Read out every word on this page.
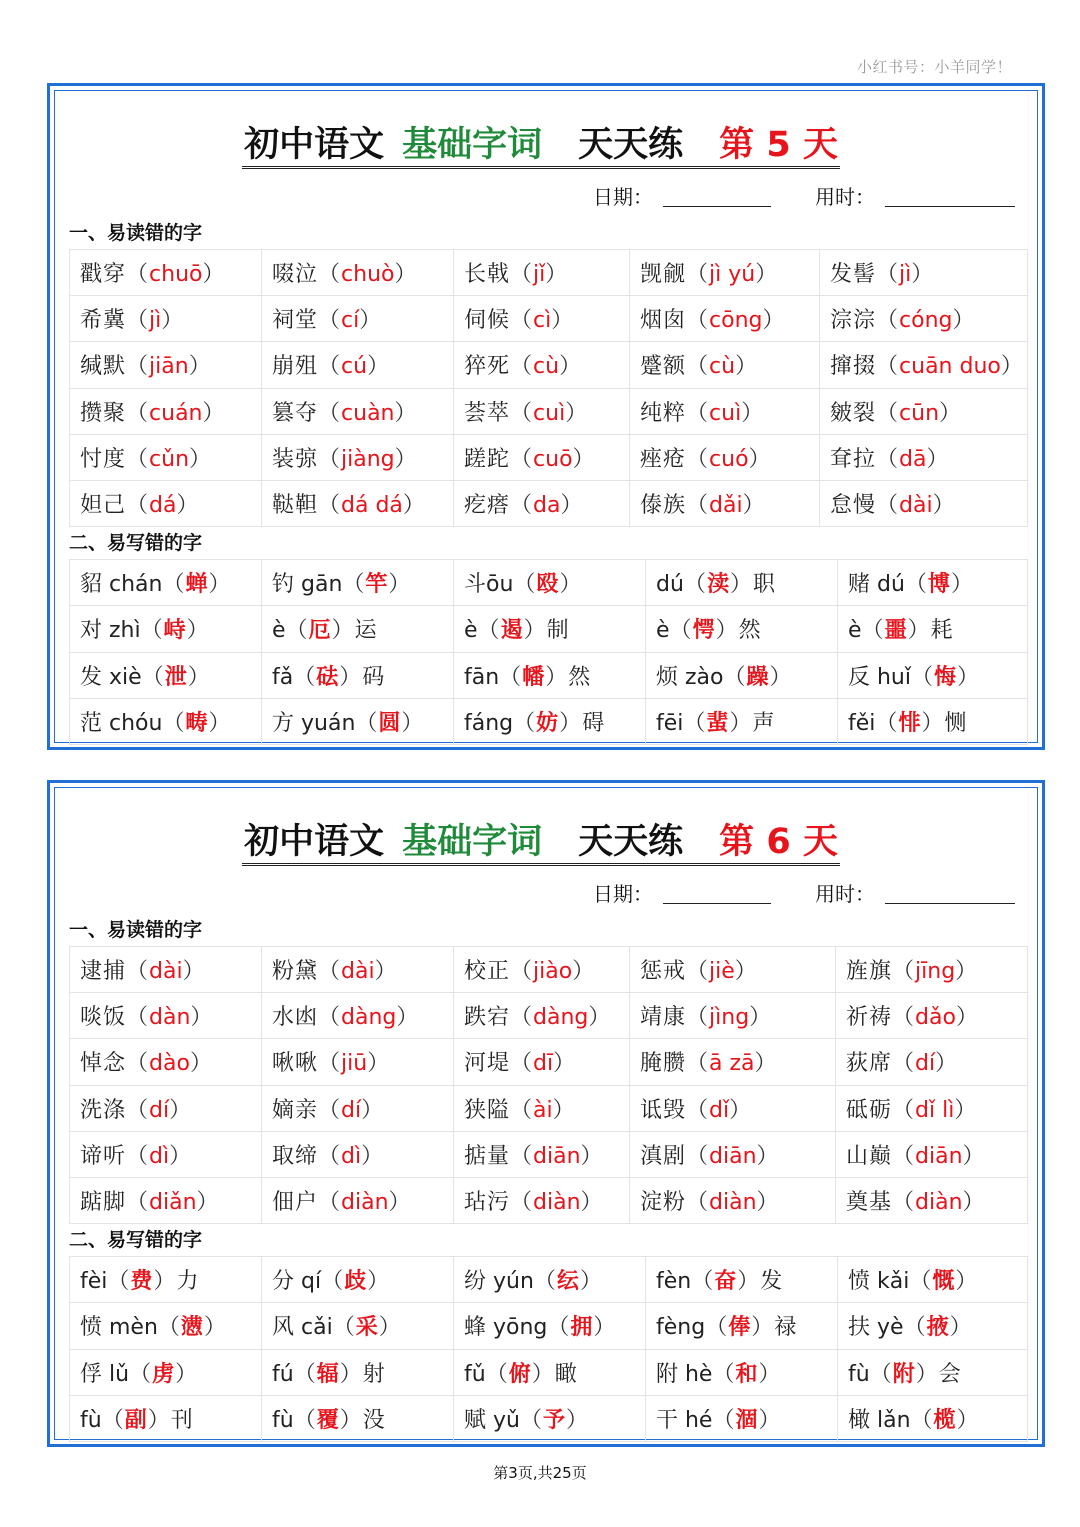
小红书号：小羊同学！
初中语文 基础字词 天天练 第 5 天
日期：	用时：
一、易读错的字
戳穿（chuō）	啜泣（chuò）	长戟（jǐ）	觊觎（jì yú）	发髻（jì）
希冀（jì）	祠堂（cí）	伺候（cì）	烟囱（cōng）	淙淙（cóng）
缄默（jiān）	崩殂（cú）	猝死（cù）	蹙额（cù）	撺掇（cuān duo）
攒聚（cuán）	篡夺（cuàn）	荟萃（cuì）	纯粹（cuì）	皴裂（cūn）
忖度（cǔn）	装弶（jiàng）	蹉跎（cuō）	痤疮（cuó）	耷拉（dā）
妲己（dá）	鞑靼（dá dá）	疙瘩（da）	傣族（dǎi）	怠慢（dài）
二、易写错的字
貂 chán（蝉）	钓 gān（竿）	斗ōu（殴）	dú（渎）职	赌 dú（博）
对 zhì（峙）	è（厄）运	è（遏）制	è（愕）然	è（噩）耗
发 xiè（泄）	fǎ（砝）码	fān（幡）然	烦 zào（躁）	反 huǐ（悔）
范 chóu（畴）	方 yuán（圆）	fáng（妨）碍	fēi（蜚）声	fěi（悱）恻
初中语文 基础字词 天天练 第 6 天
日期：	用时：
一、易读错的字
逮捕（dài）	粉黛（dài）	校正（jiào）	惩戒（jiè）	旌旗（jīng）
啖饭（dàn）	水凼（dàng）	跌宕（dàng）	靖康（jìng）	祈祷（dǎo）
悼念（dào）	啾啾（jiū）	河堤（dī）	腌臜（ā zā）	荻席（dí）
洗涤（dí）	嫡亲（dí）	狭隘（ài）	诋毁（dǐ）	砥砺（dǐ lì）
谛听（dì）	取缔（dì）	掂量（diān）	滇剧（diān）	山巅（diān）
踮脚（diǎn）	佃户（diàn）	玷污（diàn）	淀粉（diàn）	奠基（diàn）
二、易写错的字
fèi（费）力	分 qí（歧）	纷 yún（纭）	fèn（奋）发	愤 kǎi（慨）
愤 mèn（懑）	风 cǎi（采）	蜂 yōng（拥）	fèng（俸）禄	扶 yè（掖）
俘 lǔ（虏）	fú（辐）射	fǔ（俯）瞰	附 hè（和）	fù（附）会
fù（副）刊	fù（覆）没	赋 yǔ（予）	干 hé（涸）	橄 lǎn（榄）
第3页,共25页
